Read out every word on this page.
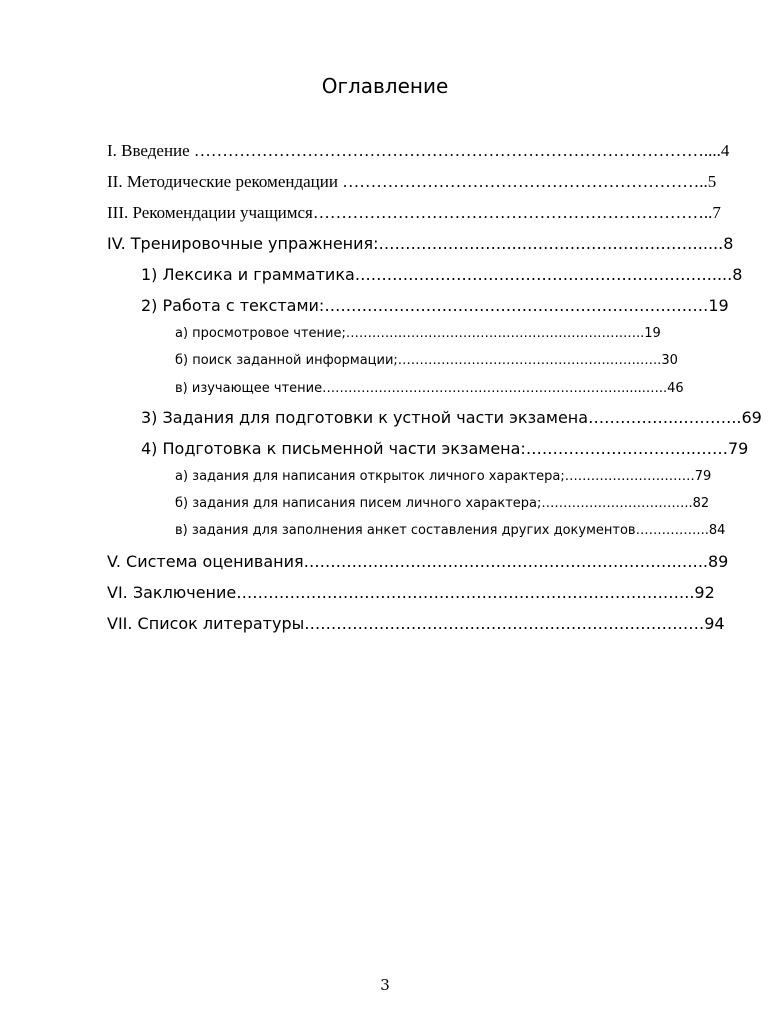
Оглавление
I. Введение ………………………………………………………………………………....4
II. Методические рекомендации ………………………………………………………..5
III. Рекомендации учащимся……………………………………………………………..7
IV. Тренировочные упражнения:……………………...…………………………….....8
1) Лексика и грамматика………………………………………………………….....8
2) Работа с текстами:………………………………………………………………19
а) просмотровое чтение;……………………………………………………….…..19
б) поиск заданной информации;………………………………………….…….…..30
в) изучающее чтение……………………………………………………………......…..46
3) Задания для подготовки к устной части экзамена……………...………..69
4) Подготовка к письменной части экзамена:…………………………..……79
а) задания для написания открыток личного характера;…………………………79
б) задания для написания писем личного характера;……………………………..82
в) задания для заполнения анкет составления других документов……………..84
V. Система оценивания……………………………………………………………..…..89
VI. Заключение…………………………………………………………………………..92
VII. Список литературы…………………………………………………………………94
3
